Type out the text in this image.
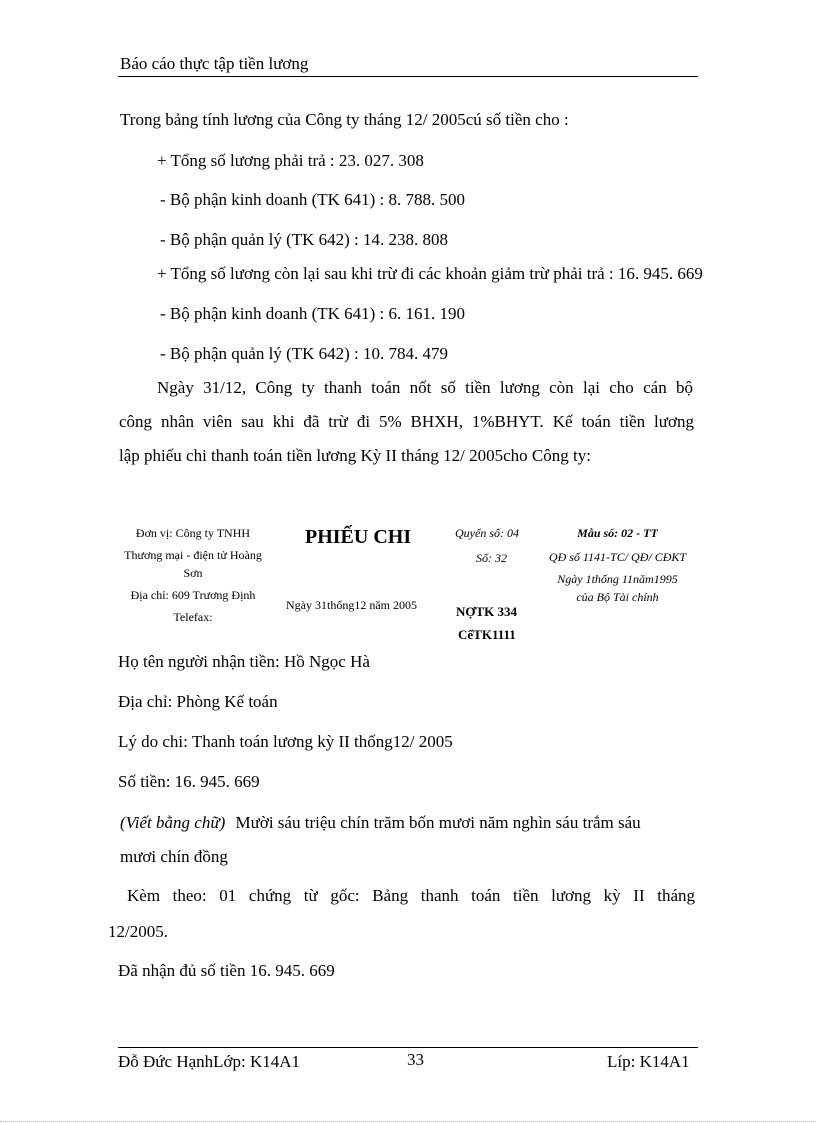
Báo cáo thực tập tiền lương
Trong bảng tính lương của Công ty tháng 12/ 2005cú số tiền cho :
+ Tổng số lương phải trả : 23. 027. 308
- Bộ phận kinh doanh (TK 641) : 8. 788. 500
- Bộ phận quản lý (TK 642) : 14. 238. 808
+ Tổng số lương còn lại sau khi trừ đi các khoản giảm trừ phải trả : 16. 945. 669
- Bộ phận kinh doanh (TK 641) : 6. 161. 190
- Bộ phận quản lý (TK 642) : 10. 784. 479
Ngày 31/12, Công ty thanh toán nốt số tiền lương còn lại cho cán bộ
công nhân viên sau khi đã trừ đi 5% BHXH, 1%BHYT. Kế toán tiền lương
lập phiếu chi thanh toán tiền lương Kỳ II tháng 12/ 2005cho Công ty:
Đơn vị: Công ty TNHH
Thương mại - điện tử Hoàng
Sơn
Địa chỉ: 609 Trương Định
Telefax:
PHIẾU CHI
Ngày 31thống12 năm 2005
Quyển số: 04
Số: 32
NỢTK 334
CểTK1111
Mẫu số: 02 - TT
QĐ số 1141-TC/ QĐ/ CĐKT
Ngày 1thống 11năm1995
của Bộ Tài chính
Họ tên người nhận tiền: Hồ Ngọc Hà
Địa chỉ: Phòng Kế toán
Lý do chi: Thanh toán lương kỳ II thống12/ 2005
Số tiền: 16. 945. 669
(Viết bằng chữ) Mười sáu triệu chín trăm bốn mươi năm nghìn sáu trắm sáu
mươi chín đồng
Kèm theo: 01 chứng từ gốc: Bảng thanh toán tiền lương kỳ II tháng
12/2005.
Đã nhận đủ số tiền 16. 945. 669
Đỗ Đức HạnhLớp: K14A1	33	Líp: K14A1
